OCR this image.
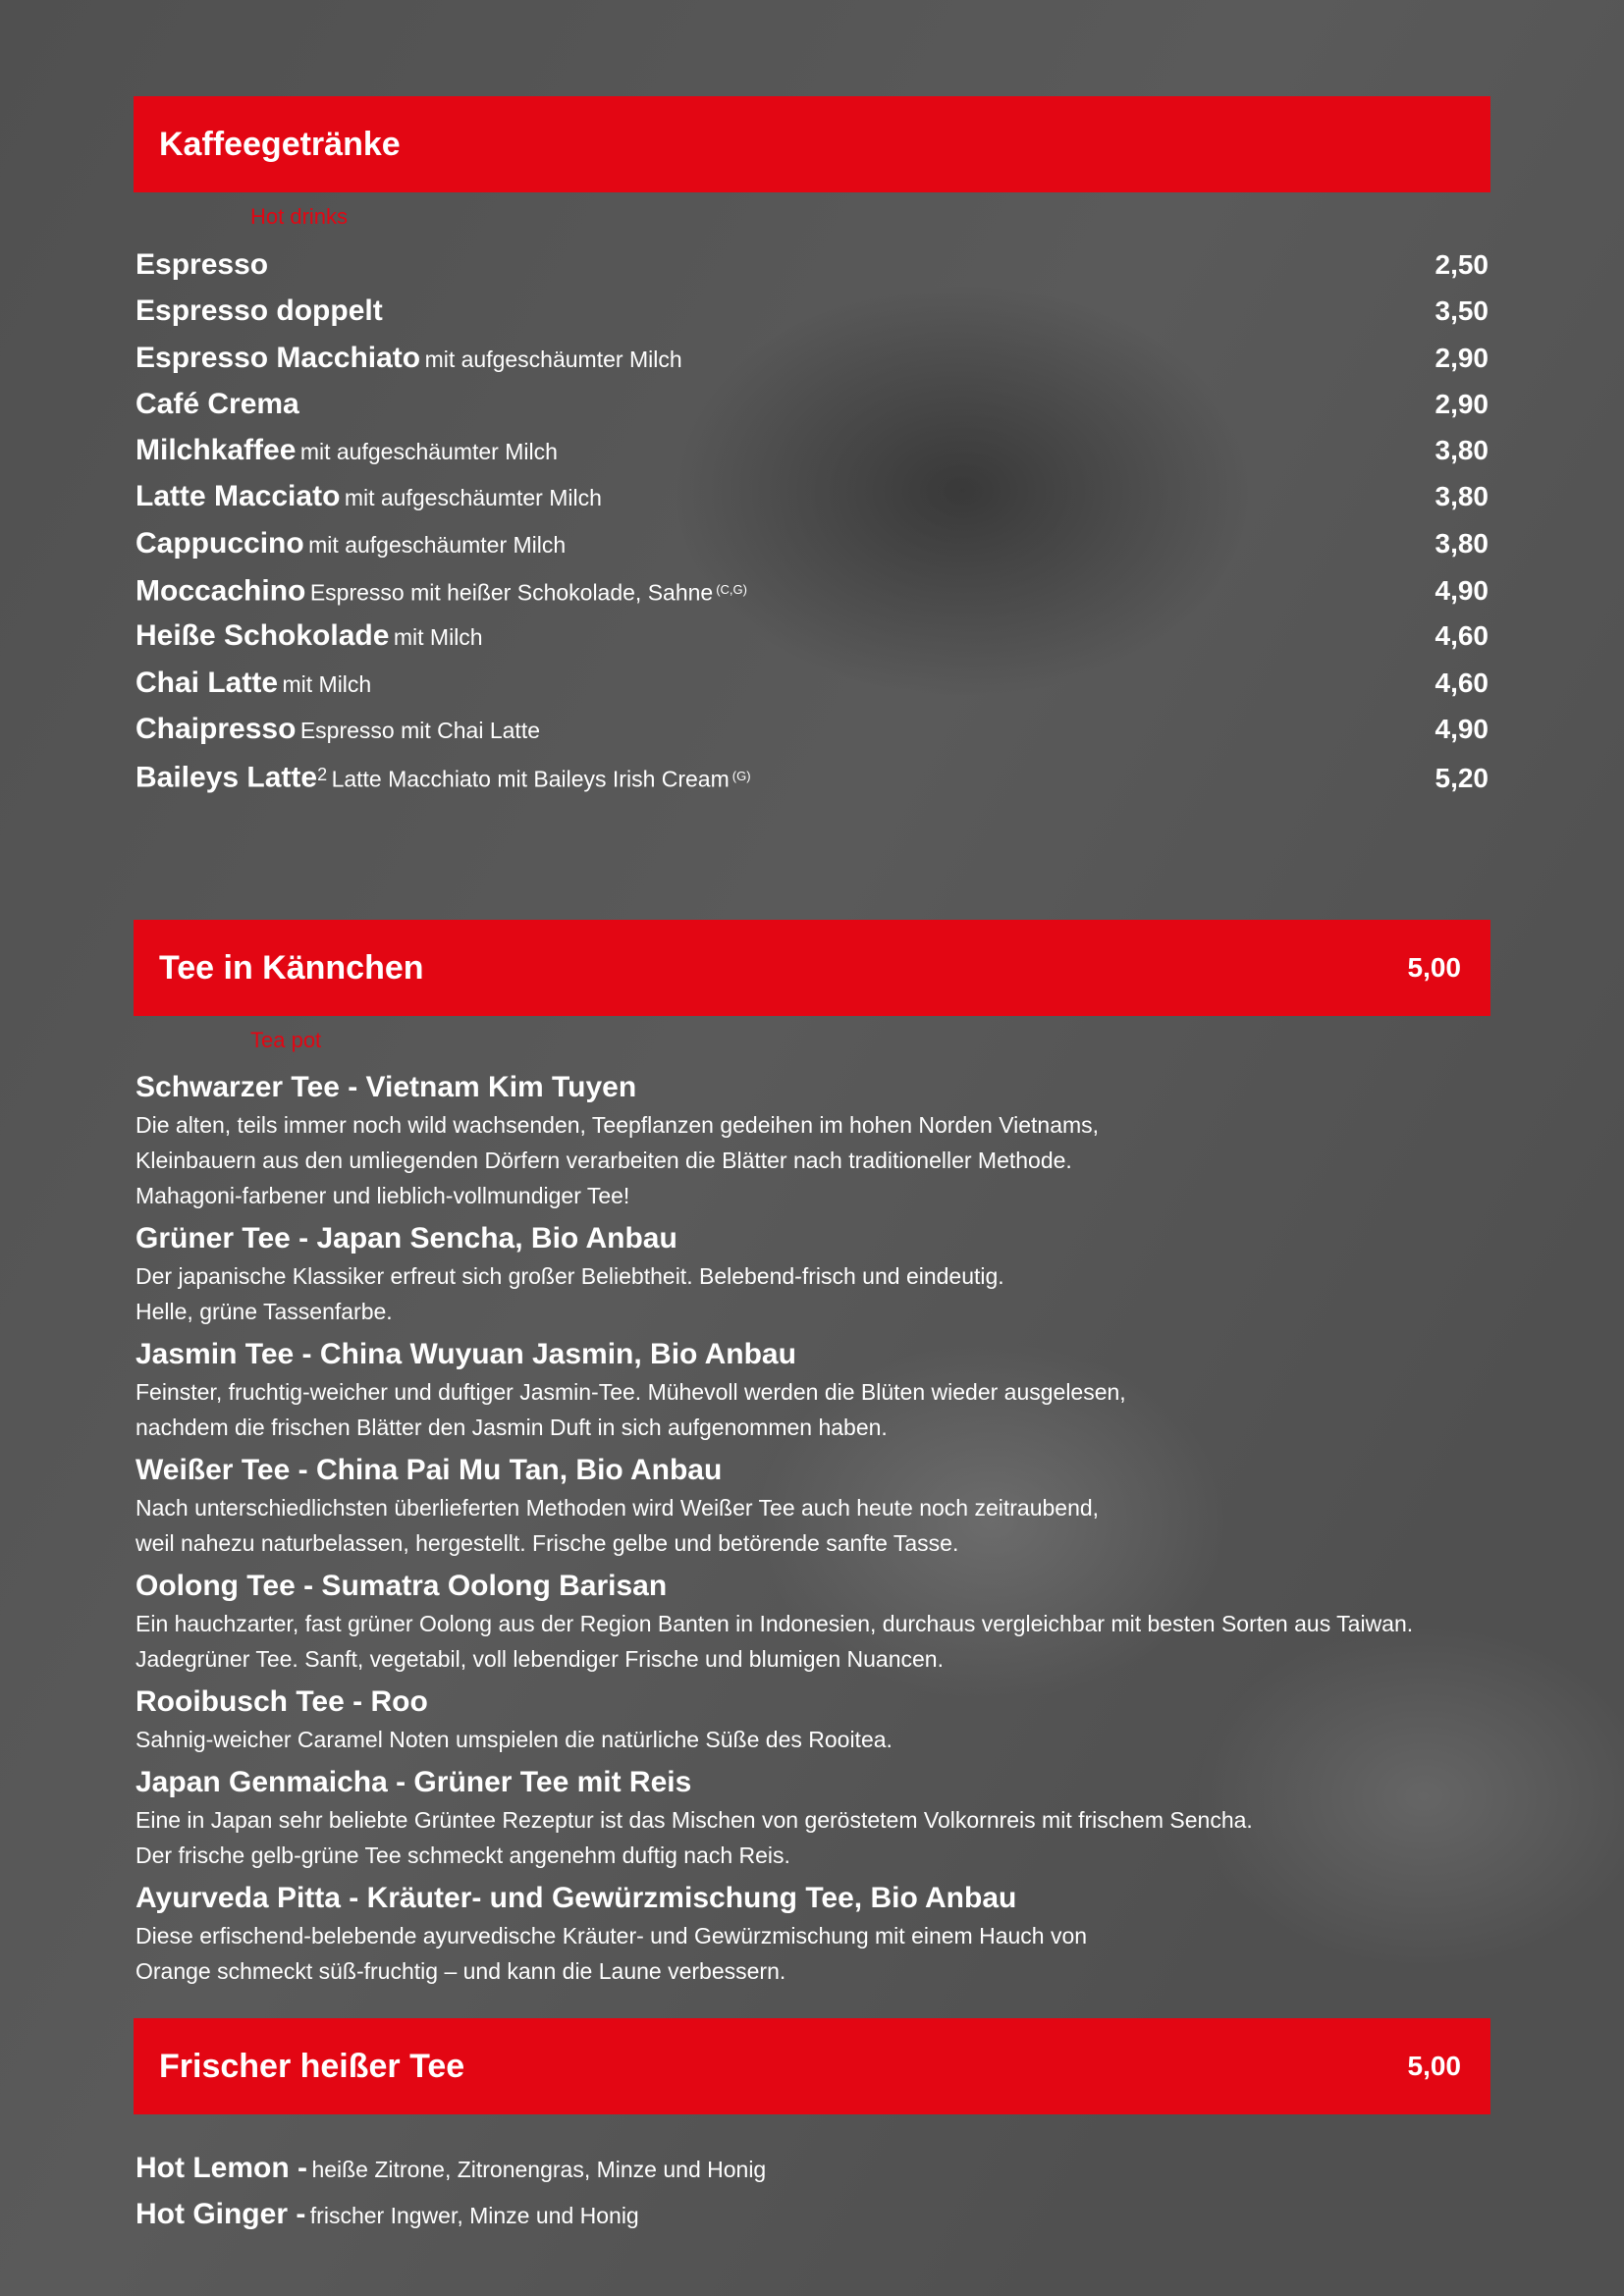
Kaffeegetränke
Hot drinks
Espresso	2,50
Espresso doppelt	3,50
Espresso Macchiato mit aufgeschäumter Milch	2,90
Café Crema	2,90
Milchkaffee mit aufgeschäumter Milch	3,80
Latte Macciato mit aufgeschäumter Milch	3,80
Cappuccino mit aufgeschäumter Milch	3,80
Moccachino Espresso mit heißer Schokolade, Sahne $^{(C,G)}$	4,90
Heiße Schokolade mit Milch	4,60
Chai Latte mit Milch	4,60
Chaipresso Espresso mit Chai Latte	4,90
Baileys Latte2 Latte Macchiato mit Baileys Irish Cream $^{(G)}$	5,20
Tee in Kännchen	5,00
Tea pot
Schwarzer Tee - Vietnam Kim Tuyen
Die alten, teils immer noch wild wachsenden, Teepflanzen gedeihen im hohen Norden Vietnams,
Kleinbauern aus den umliegenden Dörfern verarbeiten die Blätter nach traditioneller Methode.
Mahagoni-farbener und lieblich-vollmundiger Tee!
Grüner Tee - Japan Sencha, Bio Anbau
Der japanische Klassiker erfreut sich großer Beliebtheit. Belebend-frisch und eindeutig.
Helle, grüne Tassenfarbe.
Jasmin Tee - China Wuyuan Jasmin, Bio Anbau
Feinster, fruchtig-weicher und duftiger Jasmin-Tee. Mühevoll werden die Blüten wieder ausgelesen,
nachdem die frischen Blätter den Jasmin Duft in sich aufgenommen haben.
Weißer Tee - China Pai Mu Tan, Bio Anbau
Nach unterschiedlichsten überlieferten Methoden wird Weißer Tee auch heute noch zeitraubend,
weil nahezu naturbelassen, hergestellt. Frische gelbe und betörende sanfte Tasse.
Oolong Tee - Sumatra Oolong Barisan
Ein hauchzarter, fast grüner Oolong aus der Region Banten in Indonesien, durchaus vergleichbar mit besten Sorten aus Taiwan.
Jadegrüner Tee. Sanft, vegetabil, voll lebendiger Frische und blumigen Nuancen.
Rooibusch Tee - Roo
Sahnig-weicher Caramel Noten umspielen die natürliche Süße des Rooitea.
Japan Genmaicha - Grüner Tee mit Reis
Eine in Japan sehr beliebte Grüntee Rezeptur ist das Mischen von geröstetem Volkornreis mit frischem Sencha.
Der frische gelb-grüne Tee schmeckt angenehm duftig nach Reis.
Ayurveda Pitta - Kräuter- und Gewürzmischung Tee, Bio Anbau
Diese erfischend-belebende ayurvedische Kräuter- und Gewürzmischung mit einem Hauch von
Orange schmeckt süß-fruchtig – und kann die Laune verbessern.
Frischer heißer Tee	5,00
Hot Lemon - heiße Zitrone, Zitronengras, Minze und Honig
Hot Ginger - frischer Ingwer, Minze und Honig
